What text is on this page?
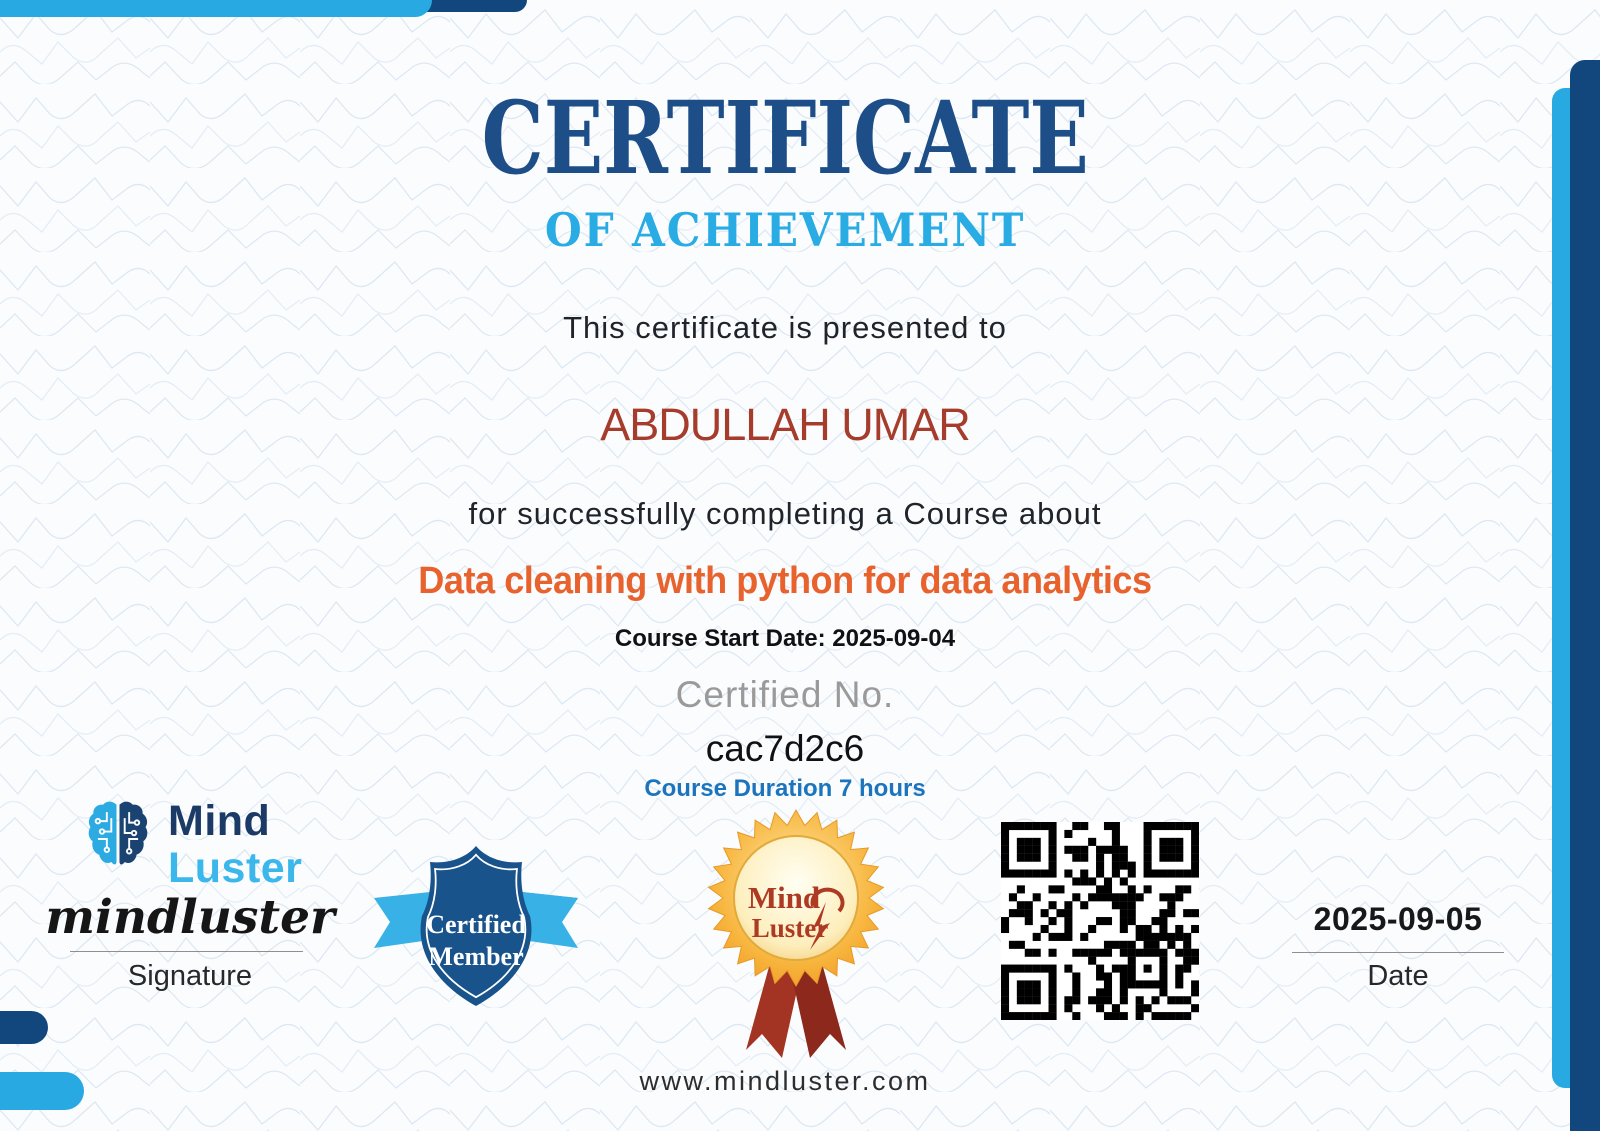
CERTIFICATE
OF ACHIEVEMENT
This certificate is presented to
ABDULLAH UMAR
for successfully completing a Course about
Data cleaning with python for data analytics
Course Start Date: 2025-09-04
Certified No.
cac7d2c6
Course Duration 7 hours
www.mindluster.com
Mind
Luster
mindluster
Signature
Certified
Member
Mind
Luster	2025-09-05
Date
